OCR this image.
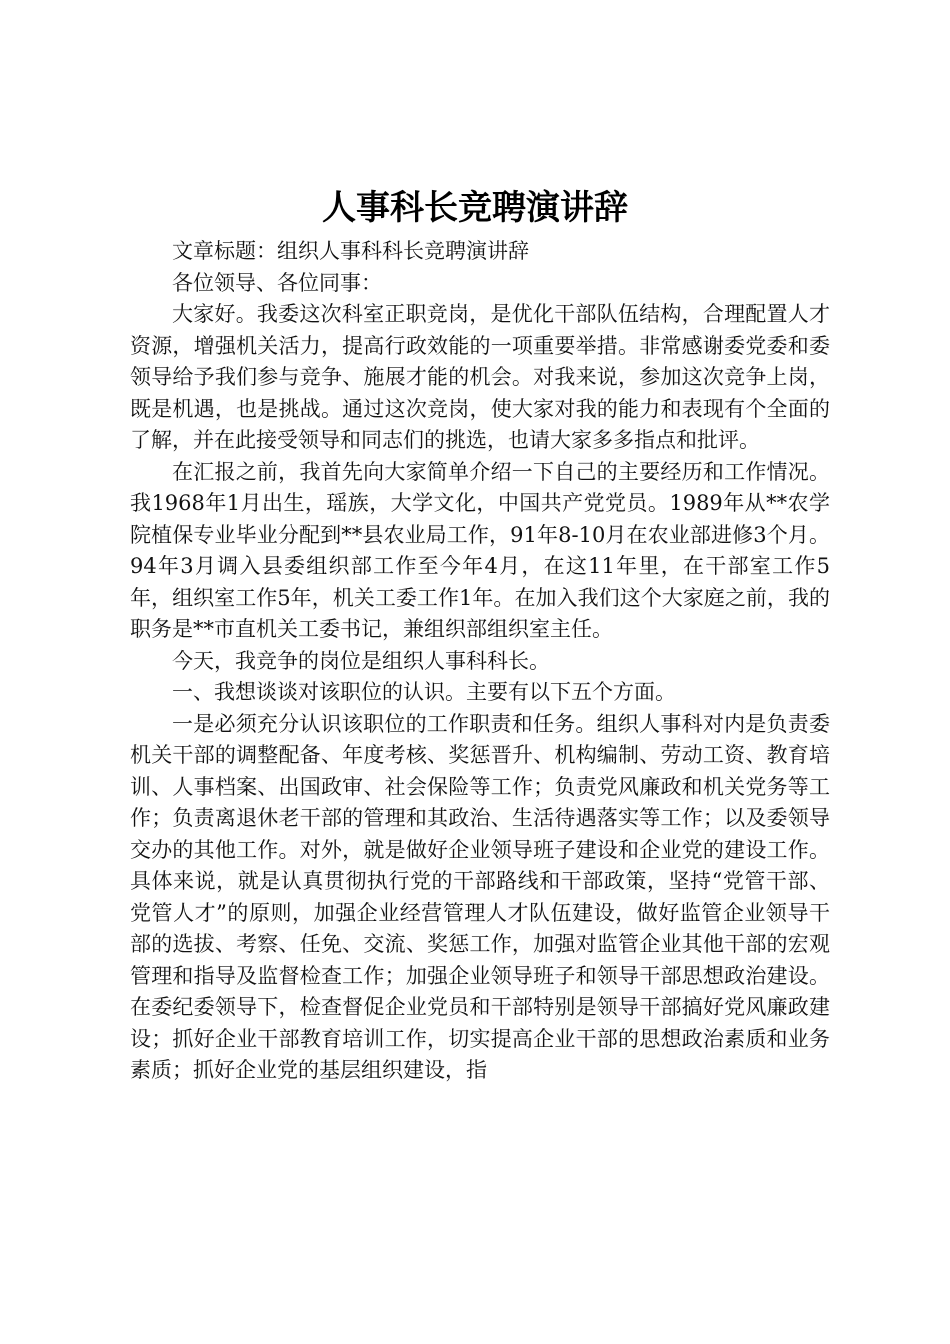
人事科长竞聘演讲辞

文章标题：组织人事科科长竞聘演讲辞

各位领导、各位同事：

大家好。我委这次科室正职竞岗，是优化干部队伍结构，合理配置人才资源，增强机关活力，提高行政效能的一项重要举措。非常感谢委党委和委领导给予我们参与竞争、施展才能的机会。对我来说，参加这次竞争上岗，既是机遇，也是挑战。通过这次竞岗，使大家对我的能力和表现有个全面的了解，并在此接受领导和同志们的挑选，也请大家多多指点和批评。

在汇报之前，我首先向大家简单介绍一下自己的主要经历和工作情况。我1968年1月出生，瑶族，大学文化，中国共产党党员。1989年从**农学院植保专业毕业分配到**县农业局工作，91年8-10月在农业部进修3个月。94年3月调入县委组织部工作至今年4月，在这11年里，在干部室工作5年，组织室工作5年，机关工委工作1年。在加入我们这个大家庭之前，我的职务是**市直机关工委书记，兼组织部组织室主任。

今天，我竞争的岗位是组织人事科科长。

一、我想谈谈对该职位的认识。主要有以下五个方面。

一是必须充分认识该职位的工作职责和任务。组织人事科对内是负责委机关干部的调整配备、年度考核、奖惩晋升、机构编制、劳动工资、教育培训、人事档案、出国政审、社会保险等工作；负责党风廉政和机关党务等工作；负责离退休老干部的管理和其政治、生活待遇落实等工作；以及委领导交办的其他工作。对外，就是做好企业领导班子建设和企业党的建设工作。具体来说，就是认真贯彻执行党的干部路线和干部政策，坚持“党管干部、党管人才”的原则，加强企业经营管理人才队伍建设，做好监管企业领导干部的选拔、考察、任免、交流、奖惩工作，加强对监管企业其他干部的宏观管理和指导及监督检查工作；加强企业领导班子和领导干部思想政治建设。在委纪委领导下，检查督促企业党员和干部特别是领导干部搞好党风廉政建设；抓好企业干部教育培训工作，切实提高企业干部的思想政治素质和业务素质；抓好企业党的基层组织建设，指
